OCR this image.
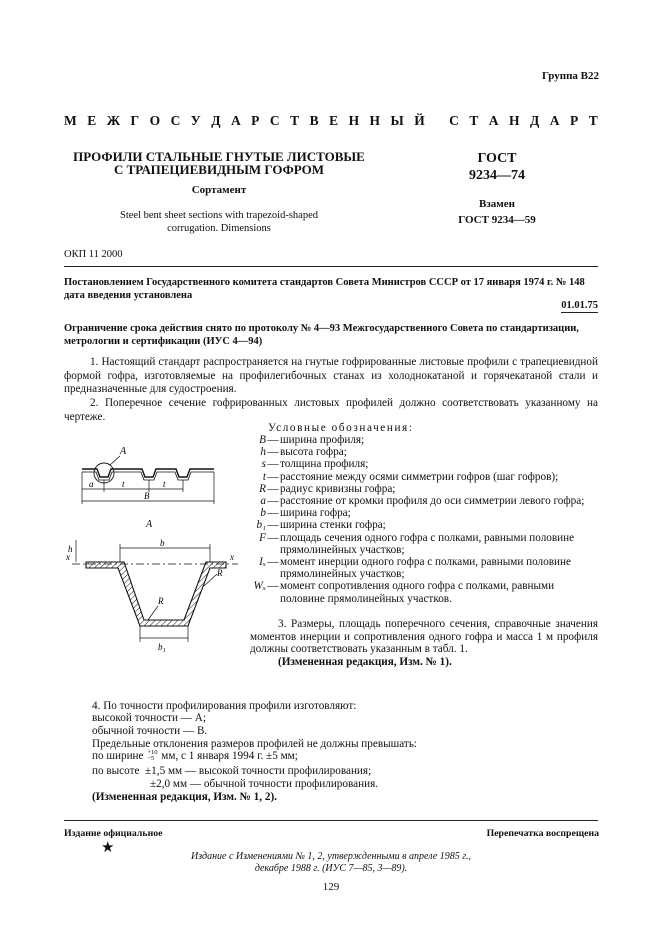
Группа В22
М Е Ж Г О С У Д А Р С Т В Е Н Н Ы Й
С Т А Н Д А Р Т
ПРОФИЛИ СТАЛЬНЫЕ ГНУТЫЕ ЛИСТОВЫЕ
С ТРАПЕЦИЕВИДНЫМ ГОФРОМ
Сортамент
Steel bent sheet sections with trapezoid-shaped
corrugation. Dimensions
ГОСТ
9234—74
Взамен
ГОСТ 9234—59
ОКП 11 2000
Постановлением Государственного комитета стандартов Совета Министров СССР от 17 января 1974 г. № 148 дата введения установлена
01.01.75
Ограничение срока действия снято по протоколу № 4—93 Межгосударственного Совета по стандартизации, метрологии и сертификации (ИУС 4—94)
1. Настоящий стандарт распространяется на гнутые гофрированные листовые профили с трапециевидной формой гофра, изготовляемые на профилегибочных станах из холоднокатаной и горячекатаной стали и предназначенные для судостроения.
2. Поперечное сечение гофрированных листовых профилей должно соответствовать указанному на чертеже.
A
a	t	t
B
A
h
b
x	x
R
R
b₁
Условные обозначения:
B — ширина профиля;
h — высота гофра;
s — толщина профиля;
t — расстояние между осями симметрии гофров (шаг гофров);
R — радиус кривизны гофра;
a — расстояние от кромки профиля до оси симметрии левого гофра;
b — ширина гофра;
b₁ — ширина стенки гофра;
F — площадь сечения одного гофра с полками, равными половине прямолинейных участков;
Iₓ — момент инерции одного гофра с полками, равными половине прямолинейных участков;
Wₓ — момент сопротивления одного гофра с полками, равными половине прямолинейных участков.
3. Размеры, площадь поперечного сечения, справочные значения моментов инерции и сопротивления одного гофра и масса 1 м профиля должны соответствовать указанным в табл. 1.
(Измененная редакция, Изм. № 1).
4. По точности профилирования профили изготовляют:
высокой точности — А;
обычной точности — В.
Предельные отклонения размеров профилей не должны превышать:
по ширине +10
−5 мм, с 1 января 1994 г. ±5 мм;
по высоте ±1,5 мм — высокой точности профилирования;
±2,0 мм — обычной точности профилирования.
(Измененная редакция, Изм. № 1, 2).
Издание официальное	Перепечатка воспрещена
★
Издание с Изменениями № 1, 2, утвержденными в апреле 1985 г.,
декабре 1988 г. (ИУС 7—85, 3—89).
129
